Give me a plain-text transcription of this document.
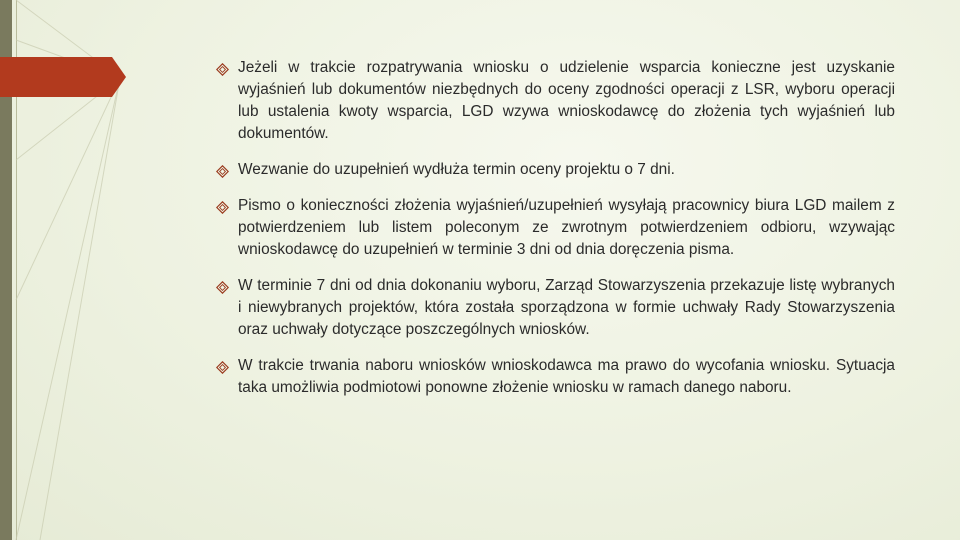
Jeżeli w trakcie rozpatrywania wniosku o udzielenie wsparcia konieczne jest uzyskanie wyjaśnień lub dokumentów niezbędnych do oceny zgodności operacji z LSR, wyboru operacji lub ustalenia kwoty wsparcia, LGD wzywa wnioskodawcę do złożenia tych wyjaśnień lub dokumentów.
Wezwanie do uzupełnień wydłuża termin oceny projektu o 7 dni.
Pismo o konieczności złożenia wyjaśnień/uzupełnień wysyłają pracownicy biura LGD mailem z potwierdzeniem lub listem poleconym ze zwrotnym potwierdzeniem odbioru, wzywając wnioskodawcę do uzupełnień w terminie 3 dni od dnia doręczenia pisma.
W terminie 7 dni od dnia dokonaniu wyboru, Zarząd Stowarzyszenia przekazuje listę wybranych i niewybranych projektów, która została sporządzona w formie uchwały Rady Stowarzyszenia oraz uchwały dotyczące poszczególnych wniosków.
W trakcie trwania naboru wniosków wnioskodawca ma prawo do wycofania wniosku. Sytuacja taka umożliwia podmiotowi ponowne złożenie wniosku w ramach danego naboru.
